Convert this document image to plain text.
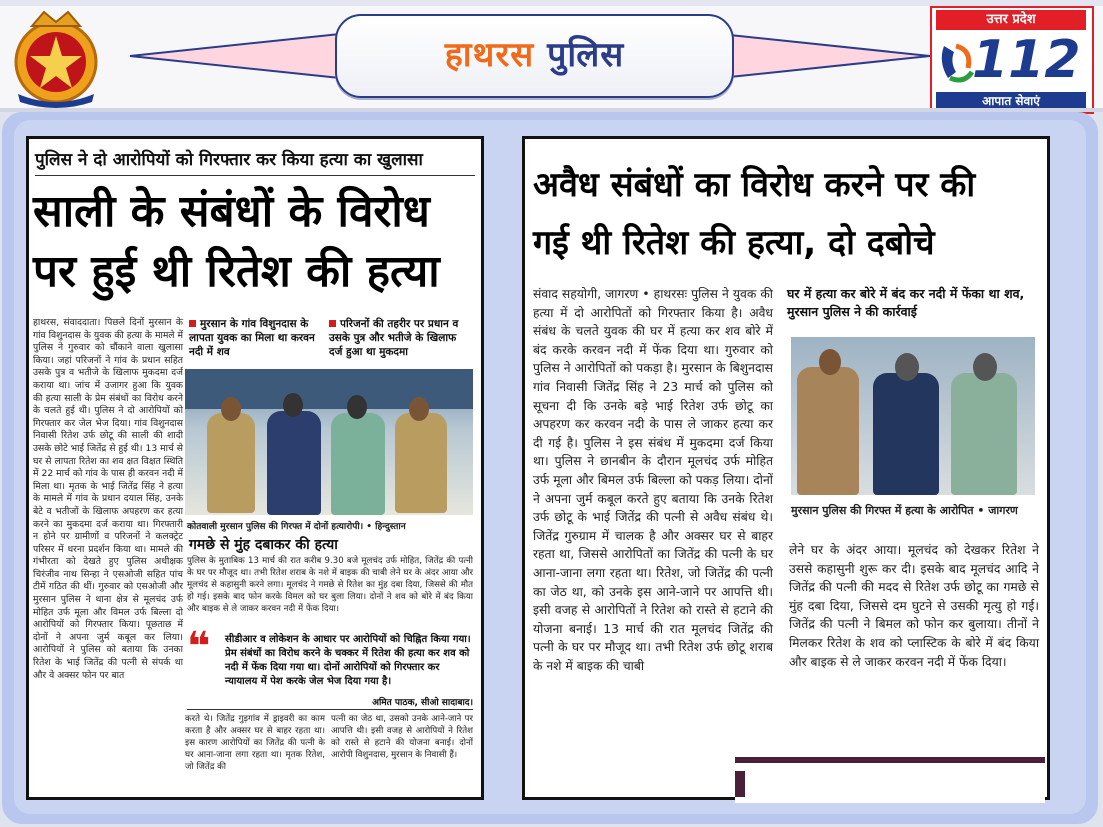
हाथरस पुलिस
उत्तर प्रदेश
112
आपात सेवाएं
पुलिस ने दो आरोपियों को गिरफ्तार कर किया हत्या का खुलासा
साली के संबंधों के विरोध
पर हुई थी रितेश की हत्या
हाथरस, संवाददाता। पिछले दिनों मुरसान के गांव विशुनदास के युवक की हत्या के मामले में पुलिस ने गुरुवार को चौंकाने वाला खुलासा किया। जहां परिजनों ने गांव के प्रधान सहित उसके पुत्र व भतीजे के खिलाफ मुकदमा दर्ज कराया था। जांच में उजागर हुआ कि युवक की हत्या साली के प्रेम संबंधों का विरोध करने के चलते हुई थी। पुलिस ने दो आरोपियों को गिरफ्तार कर जेल भेज दिया। गांव विशुनदास निवासी रितेश उर्फ छोटू की साली की शादी उसके छोटे भाई जितेंद्र से हुई थी। 13 मार्च से घर से लापता रितेश का शव क्षत विक्षत स्थिति में 22 मार्च को गांव के पास ही करवन नदी में मिला था। मृतक के भाई जितेंद्र सिंह ने हत्या के मामले में गांव के प्रधान दयाल सिंह, उनके बेटे व भतीजों के खिलाफ अपहरण कर हत्या करने का मुकदमा दर्ज कराया था। गिरफ्तारी न होने पर ग्रामीणों व परिजनों ने कलक्ट्रेट परिसर में धरना प्रदर्शन किया था। मामले की गंभीरता को देखते हुए पुलिस अधीक्षक चिरंजीव नाथ सिन्हा ने एसओजी सहित पांच टीमें गठित की थीं। गुरुवार को एसओजी और मुरसान पुलिस ने थाना क्षेत्र से मूलचंद उर्फ मोहित उर्फ मूला और विमल उर्फ बिल्ला दो आरोपियों को गिरफ्तार किया। पूछताछ में दोनों ने अपना जुर्म कबूल कर लिया। आरोपियों ने पुलिस को बताया कि उनका रितेश के भाई जितेंद्र की पत्नी से संपर्क था और वे अक्सर फोन पर बात
मुरसान के गांव विशुनदास के लापता युवक का मिला था करवन नदी में शव
परिजनों की तहरीर पर प्रधान व उसके पुत्र और भतीजे के खिलाफ दर्ज हुआ था मुकदमा
कोतवाली मुरसान पुलिस की गिरफ्त में दोनों हत्यारोपी। • हिन्दुस्तान
गमछे से मुंह दबाकर की हत्या
पुलिस के मुताबिक 13 मार्च की रात करीब 9.30 बजे मूलचंद उर्फ मोहित, जितेंद्र की पत्नी के घर पर मौजूद था। तभी रितेश शराब के नशे में बाइक की चाबी लेने घर के अंदर आया और मूलचंद से कहासुनी करने लगा। मूलचंद ने गमछे से रितेश का मुंह दबा दिया, जिससे की मौत हो गई। इसके बाद फोन करके विमल को घर बुला लिया। दोनों ने शव को बोरे में बंद किया और बाइक से ले जाकर करवन नदी में फेंक दिया।
❝ सीडीआर व लोकेशन के आधार पर आरोपियों को चिह्नित किया गया। प्रेम संबंधों का विरोध करने के चक्कर में रितेश की हत्या कर शव को नदी में फेंक दिया गया था। दोनों आरोपियों को गिरफ्तार कर न्यायालय में पेश करके जेल भेज दिया गया है।
अमित पाठक, सीओ सादाबाद।
करते थे। जितेंद्र गुड़गांव में ड्राइवरी का काम करता है और अक्सर घर से बाहर रहता था। इस कारण आरोपियों का जितेंद्र की पत्नी के घर आना-जाना लगा रहता था। मृतक रितेश, जो जितेंद्र की
पत्नी का जेठ था, उसको उनके आने-जाने पर आपत्ति थी। इसी वजह से आरोपियों ने रितेश को रास्ते से हटाने की योजना बनाई। दोनों आरोपी विशुनदास, मुरसान के निवासी हैं।
अवैध संबंधों का विरोध करने पर की
गई थी रितेश की हत्या, दो दबोचे
संवाद सहयोगी, जागरण • हाथरसः पुलिस ने युवक की हत्या में दो आरोपितों को गिरफ्तार किया है। अवैध संबंध के चलते युवक की घर में हत्या कर शव बोरे में बंद करके करवन नदी में फेंक दिया था। गुरुवार को पुलिस ने आरोपितों को पकड़ा है। मुरसान के बिशुनदास गांव निवासी जितेंद्र सिंह ने 23 मार्च को पुलिस को सूचना दी कि उनके बड़े भाई रितेश उर्फ छोटू का अपहरण कर करवन नदी के पास ले जाकर हत्या कर दी गई है। पुलिस ने इस संबंध में मुकदमा दर्ज किया था। पुलिस ने छानबीन के दौरान मूलचंद उर्फ मोहित उर्फ मूला और बिमल उर्फ बिल्ला को पकड़ लिया। दोनों ने अपना जुर्म कबूल करते हुए बताया कि उनके रितेश उर्फ छोटू के भाई जितेंद्र की पत्नी से अवैध संबंध थे। जितेंद्र गुरुग्राम में चालक है और अक्सर घर से बाहर रहता था, जिससे आरोपितों का जितेंद्र की पत्नी के घर आना-जाना लगा रहता था। रितेश, जो जितेंद्र की पत्नी का जेठ था, को उनके इस आने-जाने पर आपत्ति थी। इसी वजह से आरोपितों ने रितेश को रास्ते से हटाने की योजना बनाई। 13 मार्च की रात मूलचंद जितेंद्र की पत्नी के घर पर मौजूद था। तभी रितेश उर्फ छोटू शराब के नशे में बाइक की चाबी
घर में हत्या कर बोरे में बंद कर नदी में फेंका था शव, मुरसान पुलिस ने की कार्रवाई
मुरसान पुलिस की गिरफ्त में हत्या के आरोपित • जागरण
लेने घर के अंदर आया। मूलचंद को देखकर रितेश ने उससे कहासुनी शुरू कर दी। इसके बाद मूलचंद आदि ने जितेंद्र की पत्नी की मदद से रितेश उर्फ छोटू का गमछे से मुंह दबा दिया, जिससे दम घुटने से उसकी मृत्यु हो गई। जितेंद्र की पत्नी ने बिमल को फोन कर बुलाया। तीनों ने मिलकर रितेश के शव को प्लास्टिक के बोरे में बंद किया और बाइक से ले जाकर करवन नदी में फेंक दिया।
